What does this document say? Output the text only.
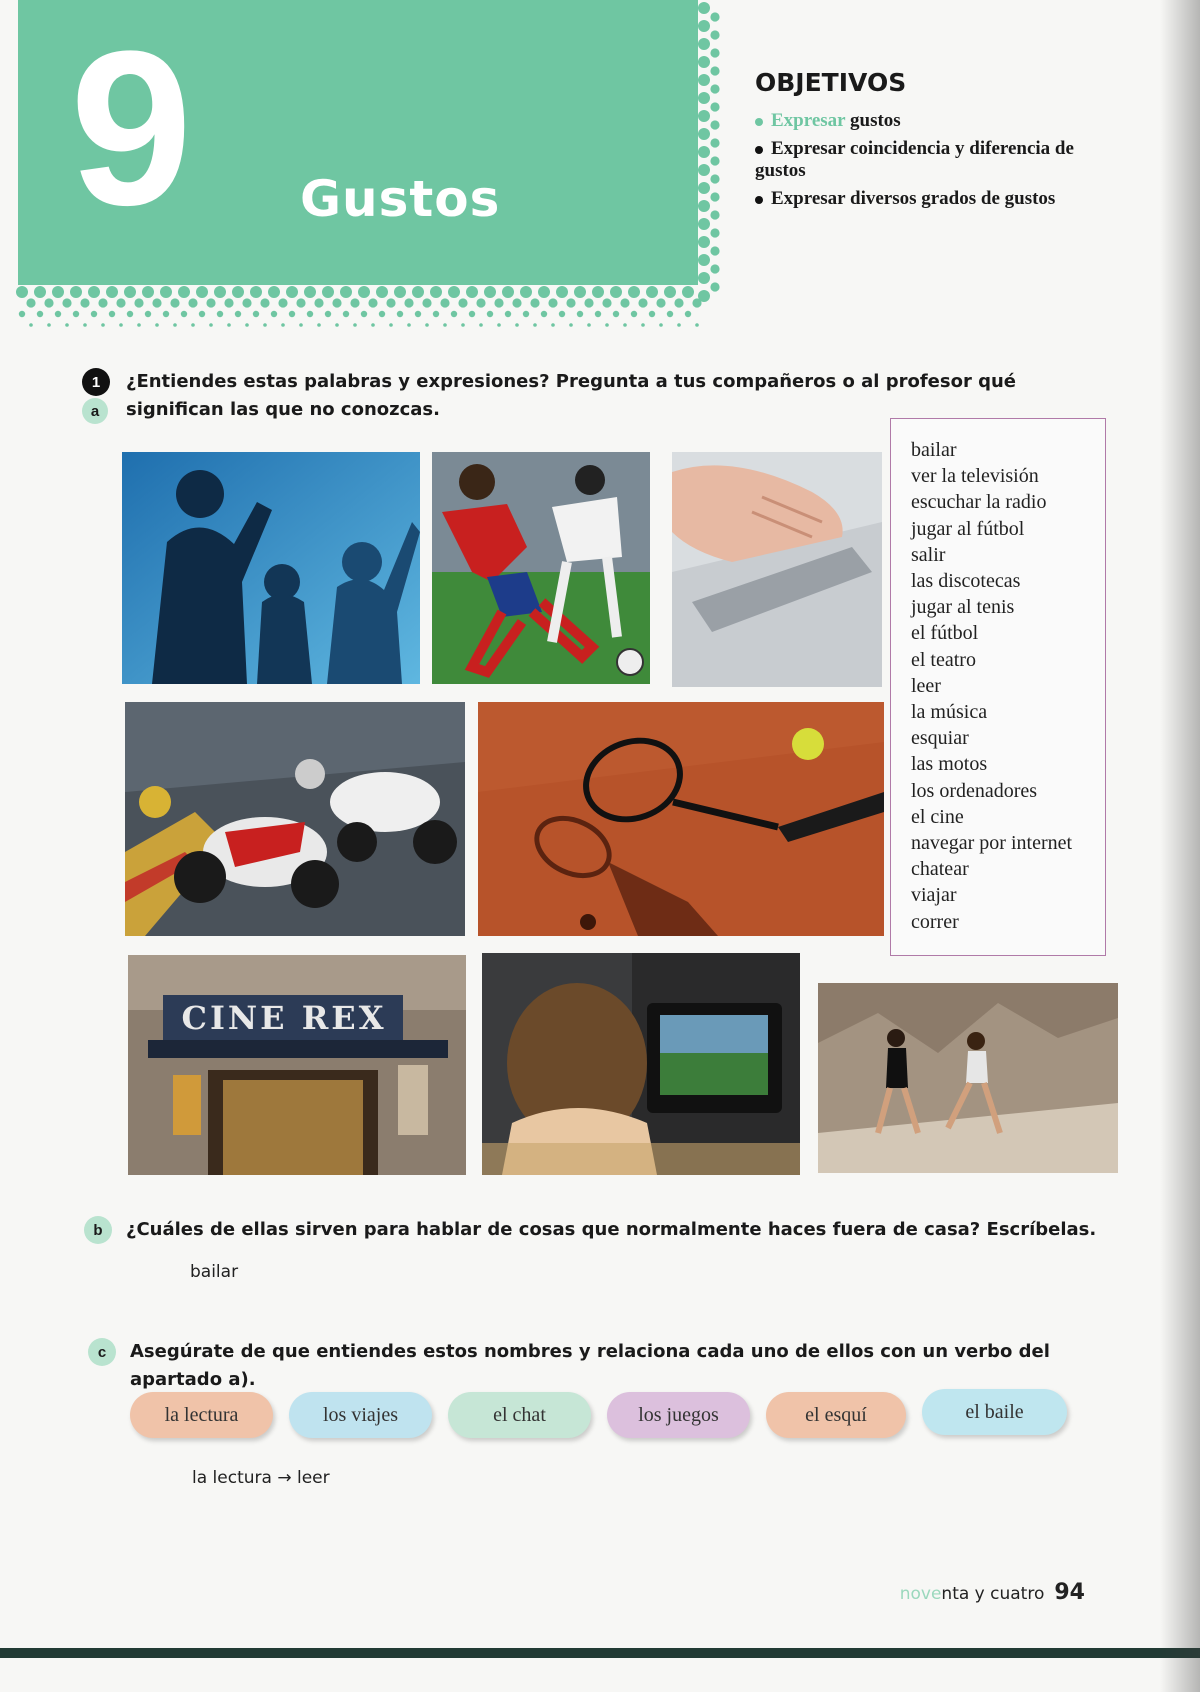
9 Gustos
OBJETIVOS
Expresar gustos
Expresar coincidencia y diferencia de gustos
Expresar diversos grados de gustos
1
a
¿Entiendes estas palabras y expresiones? Pregunta a tus compañeros o al profesor qué significan las que no conozcas.
CINE REX
bailar
ver la televisión
escuchar la radio
jugar al fútbol
salir
las discotecas
jugar al tenis
el fútbol
el teatro
leer
la música
esquiar
las motos
los ordenadores
el cine
navegar por internet
chatear
viajar
correr
b	¿Cuáles de ellas sirven para hablar de cosas que normalmente haces fuera de casa? Escríbelas.
bailar
c	Asegúrate de que entiendes estos nombres y relaciona cada uno de ellos con un verbo del apartado a).
la lectura	los viajes	el chat	los juegos	el esquí	el baile
la lectura → leer
noventa y cuatro 94
